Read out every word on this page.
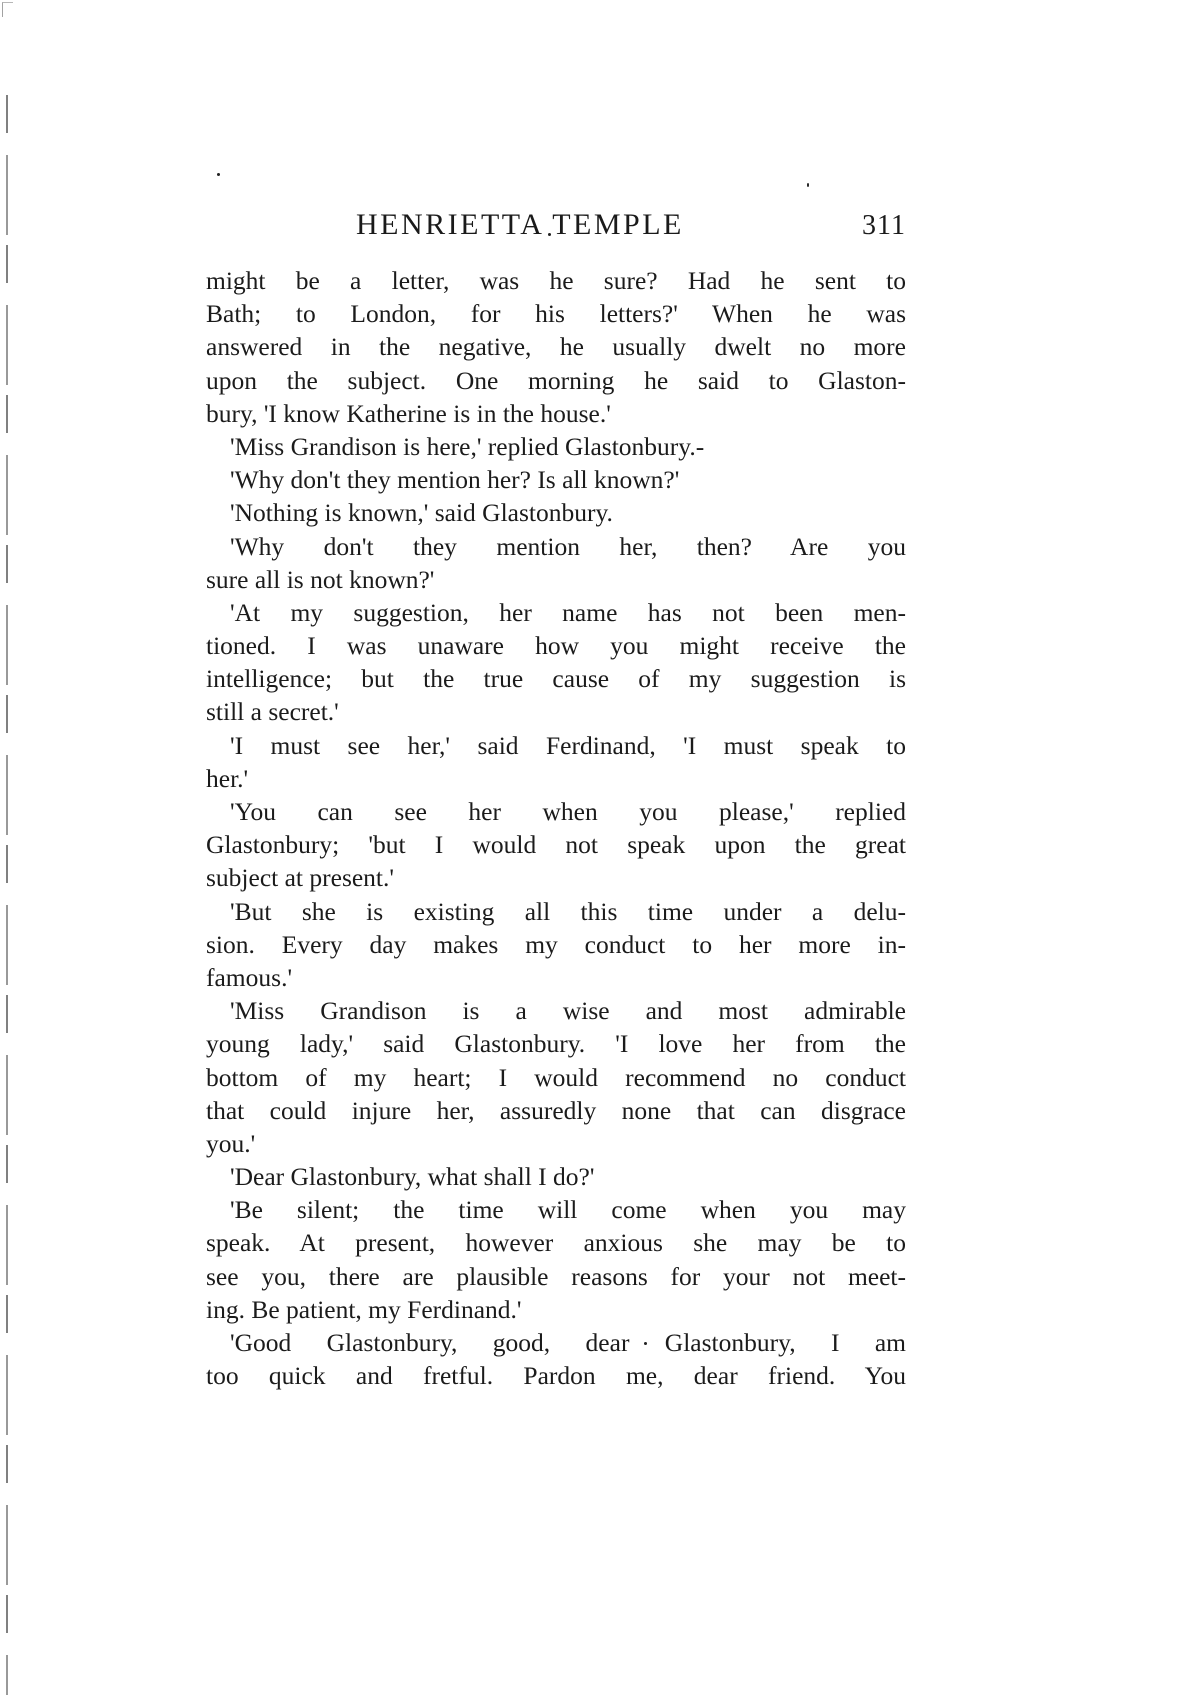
HENRIETTA TEMPLE	311
might be a letter, was he sure? Had he sent to
Bath; to London, for his letters?' When he was
answered in the negative, he usually dwelt no more
upon the subject. One morning he said to Glaston-
bury, 'I know Katherine is in the house.'
'Miss Grandison is here,' replied Glastonbury.-
'Why don't they mention her? Is all known?'
'Nothing is known,' said Glastonbury.
'Why don't they mention her, then? Are you
sure all is not known?'
'At my suggestion, her name has not been men-
tioned. I was unaware how you might receive the
intelligence; but the true cause of my suggestion is
still a secret.'
'I must see her,' said Ferdinand, 'I must speak to
her.'
'You can see her when you please,' replied
Glastonbury; 'but I would not speak upon the great
subject at present.'
'But she is existing all this time under a delu-
sion. Every day makes my conduct to her more in-
famous.'
'Miss Grandison is a wise and most admirable
young lady,' said Glastonbury. 'I love her from the
bottom of my heart; I would recommend no conduct
that could injure her, assuredly none that can disgrace
you.'
'Dear Glastonbury, what shall I do?'
'Be silent; the time will come when you may
speak. At present, however anxious she may be to
see you, there are plausible reasons for your not meet-
ing. Be patient, my Ferdinand.'
'Good Glastonbury, good, dear Glastonbury, I am
too quick and fretful. Pardon me, dear friend. You
